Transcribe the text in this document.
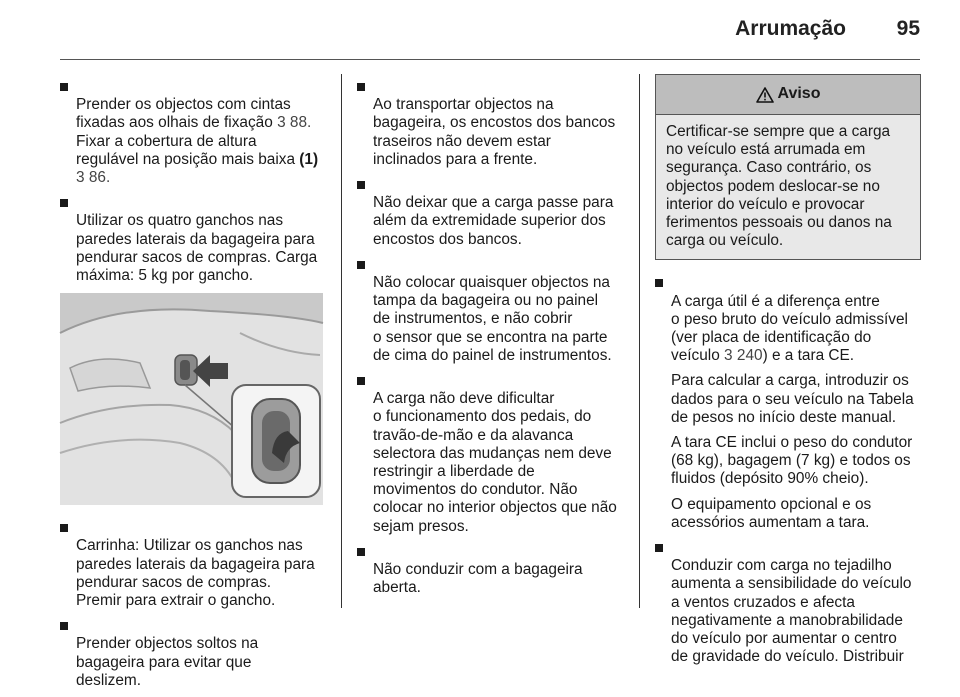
Arrumação 95

Prender os objectos com cintas
fixadas aos olhais de fixação 3 88.
Fixar a cobertura de altura
regulável na posição mais baixa (1)
3 86.

Utilizar os quatro ganchos nas
paredes laterais da bagageira para
pendurar sacos de compras. Carga
máxima: 5 kg por gancho.

Carrinha: Utilizar os ganchos nas
paredes laterais da bagageira para
pendurar sacos de compras.
Premir para extrair o gancho.

Prender objectos soltos na
bagageira para evitar que
deslizem.

Ao transportar objectos na
bagageira, os encostos dos bancos
traseiros não devem estar
inclinados para a frente.

Não deixar que a carga passe para
além da extremidade superior dos
encostos dos bancos.

Não colocar quaisquer objectos na
tampa da bagageira ou no painel
de instrumentos, e não cobrir
o sensor que se encontra na parte
de cima do painel de instrumentos.

A carga não deve dificultar
o funcionamento dos pedais, do
travão-de-mão e da alavanca
selectora das mudanças nem deve
restringir a liberdade de
movimentos do condutor. Não
colocar no interior objectos que não
sejam presos.

Não conduzir com a bagageira
aberta.

Aviso
Certificar-se sempre que a carga
no veículo está arrumada em
segurança. Caso contrário, os
objectos podem deslocar-se no
interior do veículo e provocar
ferimentos pessoais ou danos na
carga ou veículo.

A carga útil é a diferença entre
o peso bruto do veículo admissível
(ver placa de identificação do
veículo 3 240) e a tara CE.

Para calcular a carga, introduzir os
dados para o seu veículo na Tabela
de pesos no início deste manual.
A tara CE inclui o peso do condutor
(68 kg), bagagem (7 kg) e todos os
fluidos (depósito 90% cheio).
O equipamento opcional e os
acessórios aumentam a tara.

Conduzir com carga no tejadilho
aumenta a sensibilidade do veículo
a ventos cruzados e afecta
negativamente a manobrabilidade
do veículo por aumentar o centro
de gravidade do veículo. Distribuir
